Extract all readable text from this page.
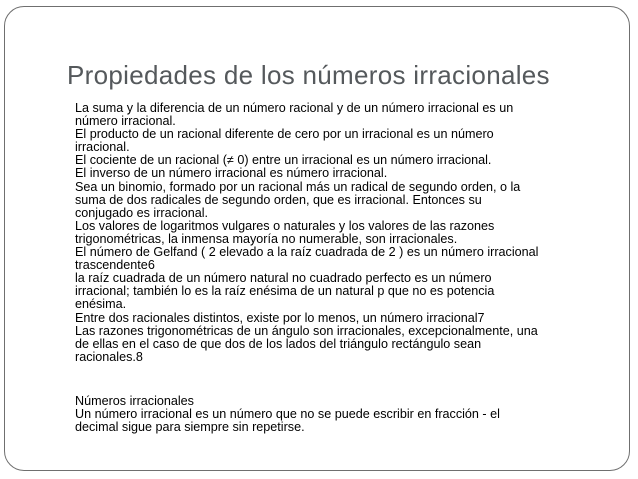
Propiedades de los números irracionales

La suma y la diferencia de un número racional y de un número irracional es un

número irracional.

El producto de un racional diferente de cero por un irracional es un número

irracional.

El cociente de un racional (≠ 0) entre un irracional es un número irracional.

El inverso de un número irracional es número irracional.

Sea un binomio, formado por un racional más un radical de segundo orden, o la

suma de dos radicales de segundo orden, que es irracional. Entonces su

conjugado es irracional.

Los valores de logaritmos vulgares o naturales y los valores de las razones

trigonométricas, la inmensa mayoría no numerable, son irracionales.

El número de Gelfand ( 2 elevado a la raíz cuadrada de 2 ) es un número irracional

trascendente6

la raíz cuadrada de un número natural no cuadrado perfecto es un número

irracional; también lo es la raíz enésima de un natural p que no es potencia

enésima.

Entre dos racionales distintos, existe por lo menos, un número irracional7

Las razones trigonométricas de un ángulo son irracionales, excepcionalmente, una

de ellas en el caso de que dos de los lados del triángulo rectángulo sean

racionales.8

Números irracionales

Un número irracional es un número que no se puede escribir en fracción - el

decimal sigue para siempre sin repetirse.
